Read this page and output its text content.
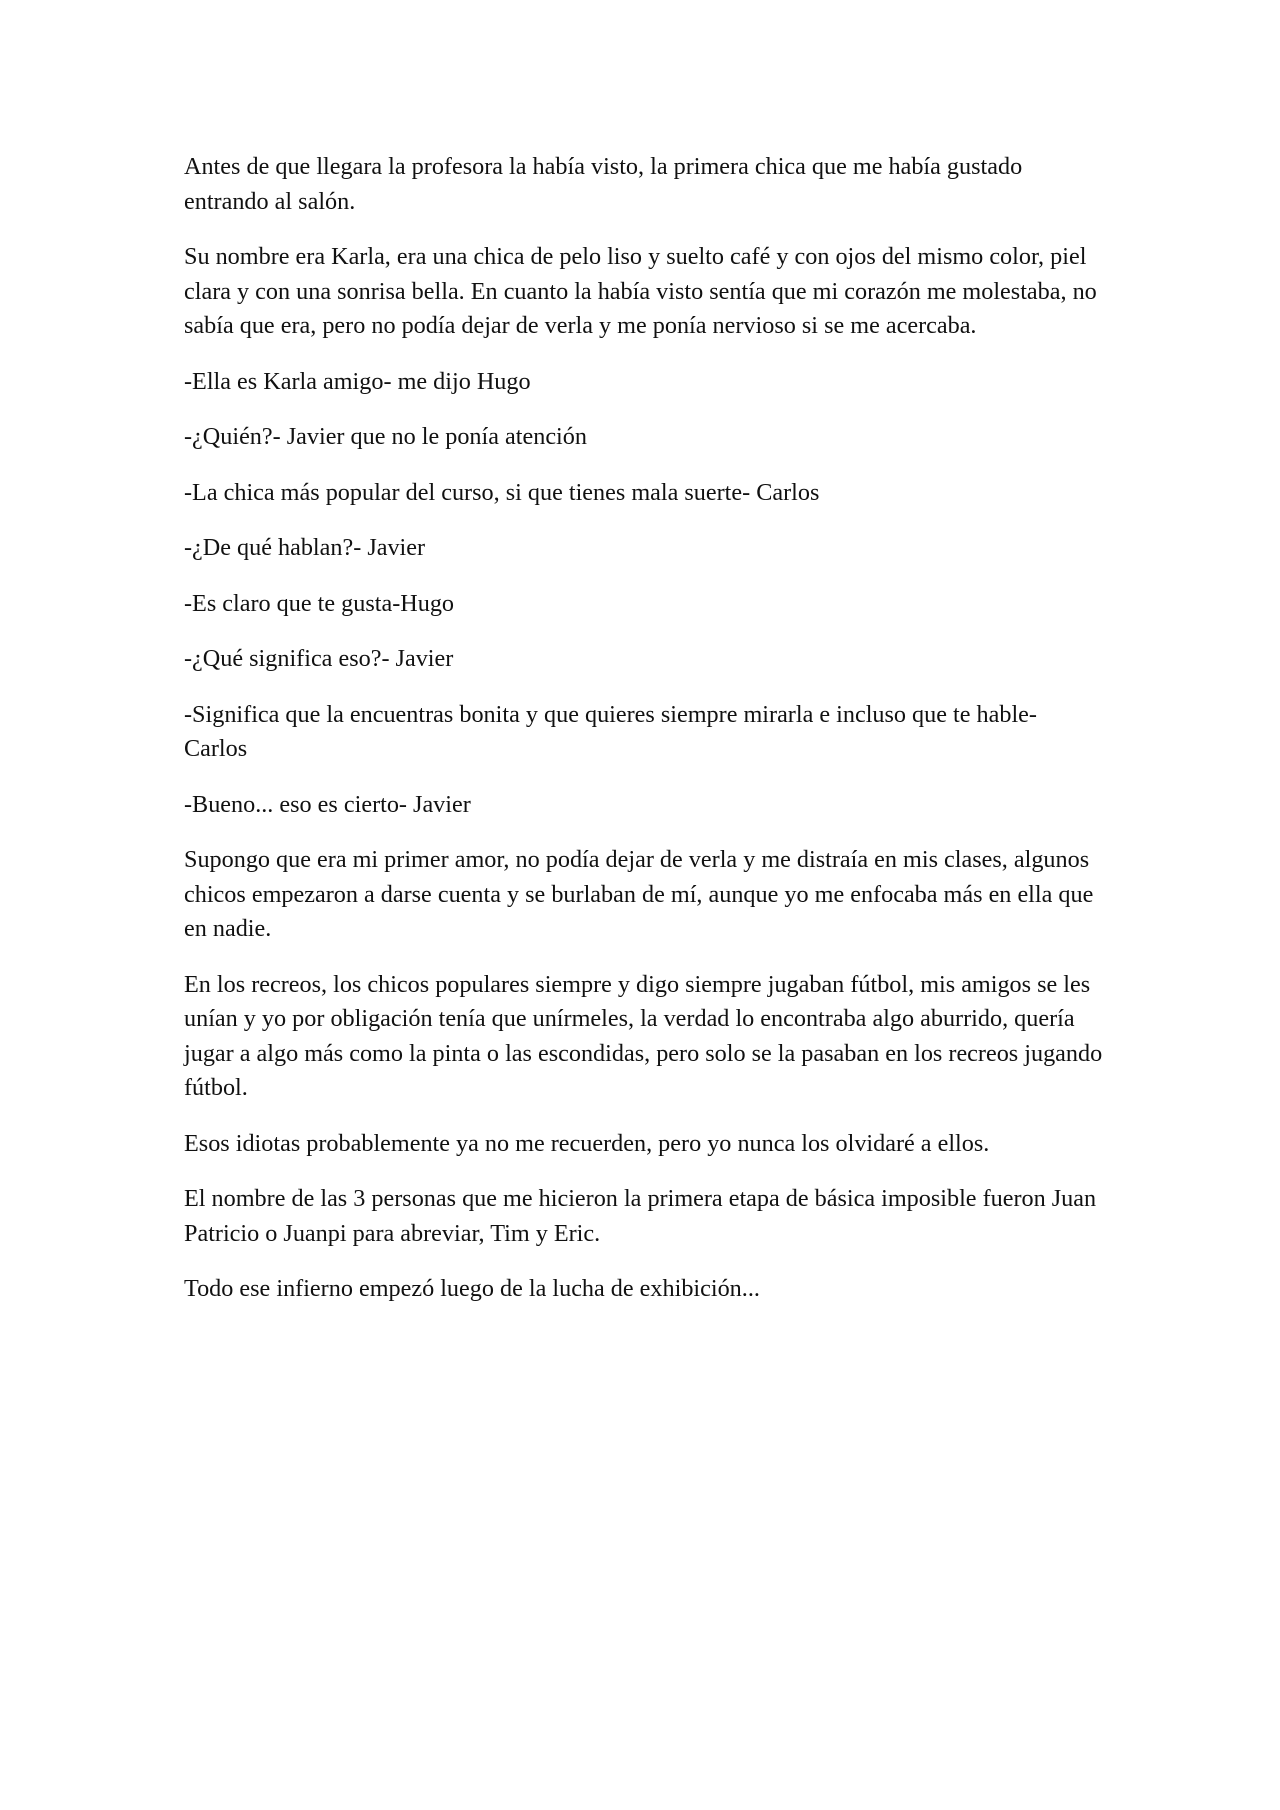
Antes de que llegara la profesora la había visto, la primera chica que me había gustado entrando al salón.

Su nombre era Karla, era una chica de pelo liso y suelto café y con ojos del mismo color, piel clara y con una sonrisa bella. En cuanto la había visto sentía que mi corazón me molestaba, no sabía que era, pero no podía dejar de verla y me ponía nervioso si se me acercaba.

-Ella es Karla amigo- me dijo Hugo

-¿Quién?- Javier que no le ponía atención

-La chica más popular del curso, si que tienes mala suerte- Carlos

-¿De qué hablan?- Javier

-Es claro que te gusta-Hugo

-¿Qué significa eso?- Javier

-Significa que la encuentras bonita y que quieres siempre mirarla e incluso que te hable- Carlos

-Bueno... eso es cierto- Javier

Supongo que era mi primer amor, no podía dejar de verla y me distraía en mis clases, algunos chicos empezaron a darse cuenta y se burlaban de mí, aunque yo me enfocaba más en ella que en nadie.

En los recreos, los chicos populares siempre y digo siempre jugaban fútbol, mis amigos se les unían y yo por obligación tenía que unírmeles, la verdad lo encontraba algo aburrido, quería jugar a algo más como la pinta o las escondidas, pero solo se la pasaban en los recreos jugando fútbol.

Esos idiotas probablemente ya no me recuerden, pero yo nunca los olvidaré a ellos.

El nombre de las 3 personas que me hicieron la primera etapa de básica imposible fueron Juan Patricio o Juanpi para abreviar, Tim y Eric.

Todo ese infierno empezó luego de la lucha de exhibición...
